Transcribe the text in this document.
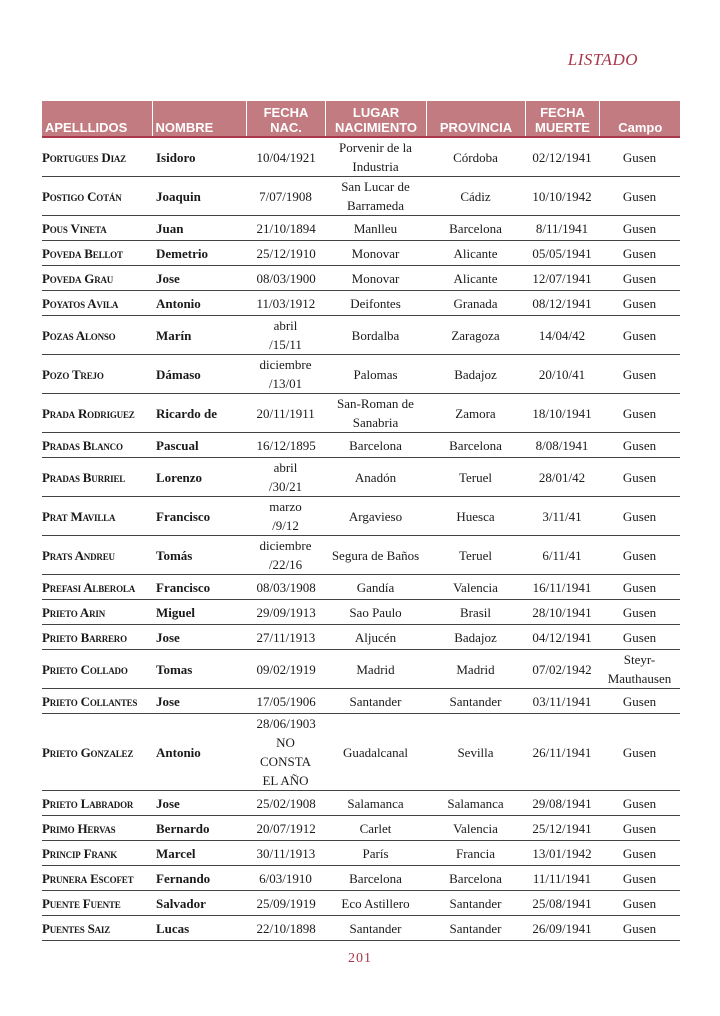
LISTADO
APELLLIDOS	NOMBRE	FECHA NAC.	LUGAR NACIMIENTO	PROVINCIA	FECHA MUERTE	Campo
Portugues Diaz	Isidoro	10/04/1921	Porvenir de la Industria	Córdoba	02/12/1941	Gusen

Postigo Cotán	Joaquin	7/07/1908	San Lucar de Barrameda	Cádiz	10/10/1942	Gusen

Pous Vineta	Juan	21/10/1894	Manlleu	Barcelona	8/11/1941	Gusen

Poveda Bellot	Demetrio	25/12/1910	Monovar	Alicante	05/05/1941	Gusen

Poveda Grau	Jose	08/03/1900	Monovar	Alicante	12/07/1941	Gusen

Poyatos Avila	Antonio	11/03/1912	Deifontes	Granada	08/12/1941	Gusen

Pozas Alonso	Marín	abril /15/11	Bordalba	Zaragoza	14/04/42	Gusen

Pozo Trejo	Dámaso	diciembre /13/01	Palomas	Badajoz	20/10/41	Gusen

Prada Rodriguez	Ricardo de	20/11/1911	San-Roman de Sanabria	Zamora	18/10/1941	Gusen

Pradas Blanco	Pascual	16/12/1895	Barcelona	Barcelona	8/08/1941	Gusen

Pradas Burriel	Lorenzo	abril /30/21	Anadón	Teruel	28/01/42	Gusen

Prat Mavilla	Francisco	marzo /9/12	Argavieso	Huesca	3/11/41	Gusen

Prats Andreu	Tomás	diciembre /22/16	Segura de Baños	Teruel	6/11/41	Gusen

Prefasi Alberola	Francisco	08/03/1908	Gandía	Valencia	16/11/1941	Gusen

Prieto Arin	Miguel	29/09/1913	Sao Paulo	Brasil	28/10/1941	Gusen

Prieto Barrero	Jose	27/11/1913	Aljucén	Badajoz	04/12/1941	Gusen

Prieto Collado	Tomas	09/02/1919	Madrid	Madrid	07/02/1942	Steyr-Mauthausen

Prieto Collantes	Jose	17/05/1906	Santander	Santander	03/11/1941	Gusen

Prieto Gonzalez	Antonio	28/06/1903 NO CONSTA EL AÑO	Guadalcanal	Sevilla	26/11/1941	Gusen

Prieto Labrador	Jose	25/02/1908	Salamanca	Salamanca	29/08/1941	Gusen

Primo Hervas	Bernardo	20/07/1912	Carlet	Valencia	25/12/1941	Gusen

Princip Frank	Marcel	30/11/1913	París	Francia	13/01/1942	Gusen

Prunera Escofet	Fernando	6/03/1910	Barcelona	Barcelona	11/11/1941	Gusen

Puente Fuente	Salvador	25/09/1919	Eco Astillero	Santander	25/08/1941	Gusen

Puentes Saiz	Lucas	22/10/1898	Santander	Santander	26/09/1941	Gusen
201
